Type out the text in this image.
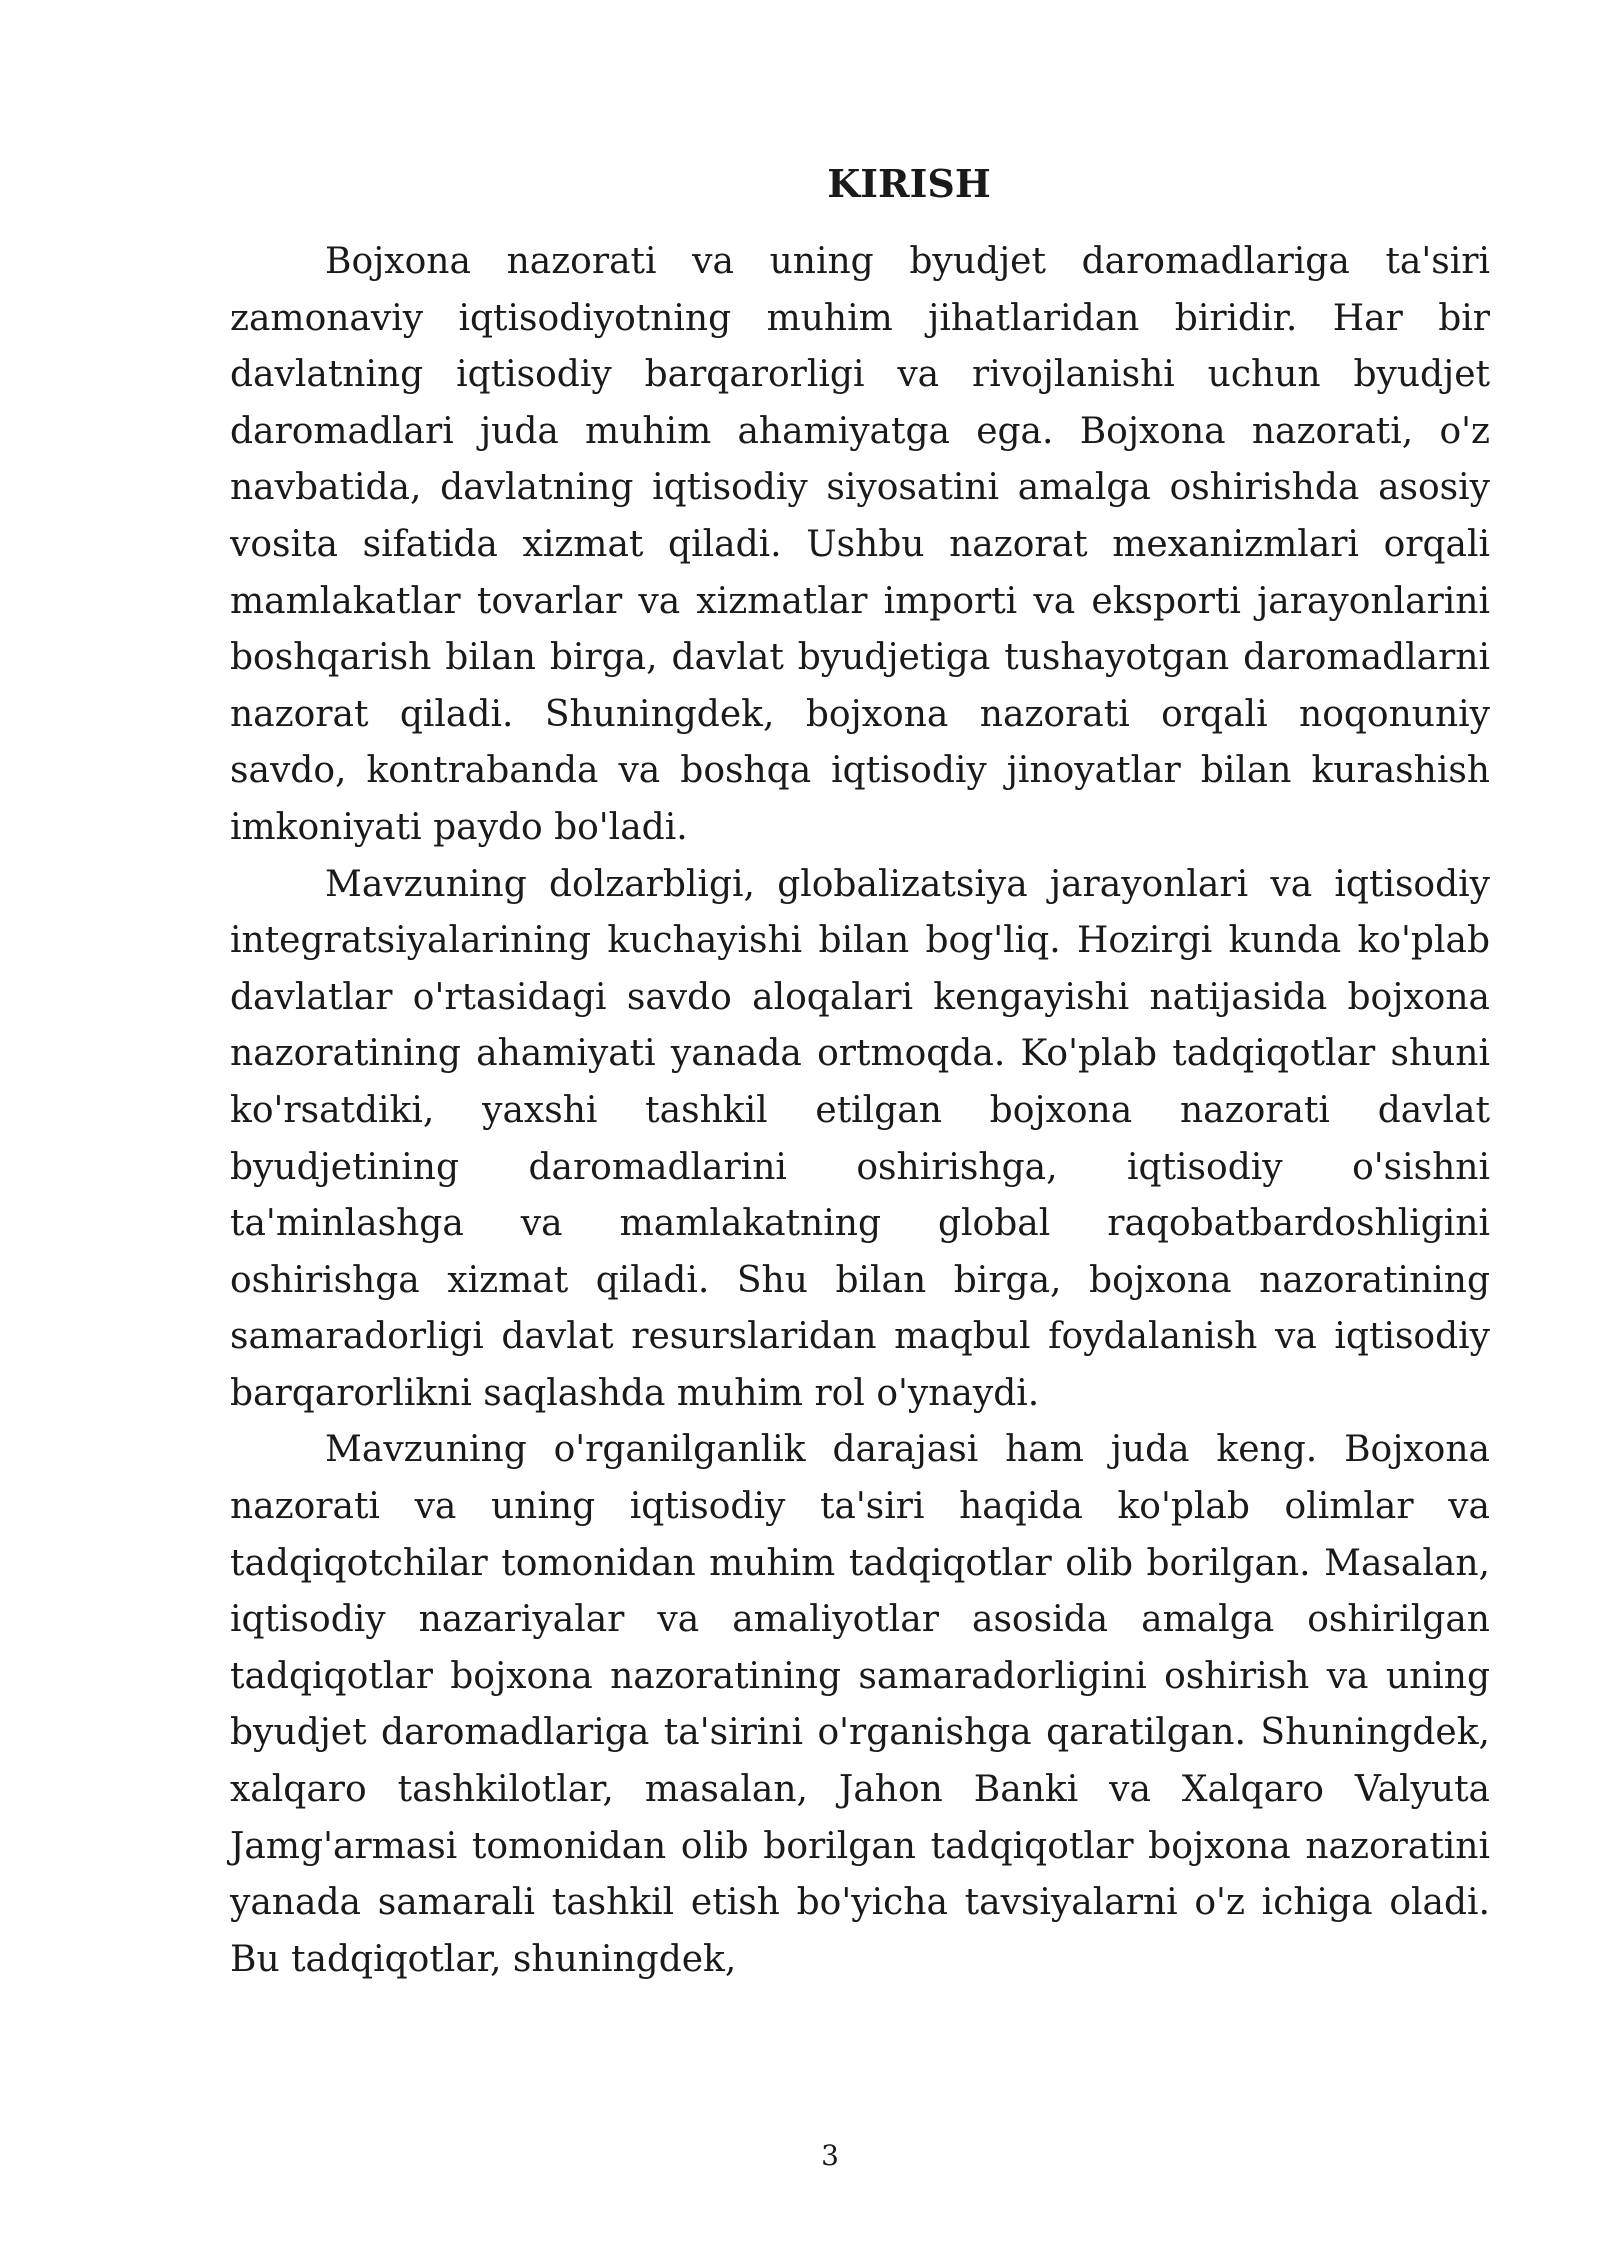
KIRISH

Bojxona nazorati va uning byudjet daromadlariga ta'siri zamonaviy iqtisodiyotning muhim jihatlaridan biridir. Har bir davlatning iqtisodiy barqarorligi va rivojlanishi uchun byudjet daromadlari juda muhim ahamiyatga ega. Bojxona nazorati, o'z navbatida, davlatning iqtisodiy siyosatini amalga oshirishda asosiy vosita sifatida xizmat qiladi. Ushbu nazorat mexanizmlari orqali mamlakatlar tovarlar va xizmatlar importi va eksporti jarayonlarini boshqarish bilan birga, davlat byudjetiga tushayotgan daromadlarni nazorat qiladi. Shuningdek, bojxona nazorati orqali noqonuniy savdo, kontrabanda va boshqa iqtisodiy jinoyatlar bilan kurashish imkoniyati paydo bo'ladi.

Mavzuning dolzarbligi, globalizatsiya jarayonlari va iqtisodiy integratsiyalarining kuchayishi bilan bog'liq. Hozirgi kunda ko'plab davlatlar o'rtasidagi savdo aloqalari kengayishi natijasida bojxona nazoratining ahamiyati yanada ortmoqda. Ko'plab tadqiqotlar shuni ko'rsatdiki, yaxshi tashkil etilgan bojxona nazorati davlat byudjetining daromadlarini oshirishga, iqtisodiy o'sishni ta'minlashga va mamlakatning global raqobatbardoshligini oshirishga xizmat qiladi. Shu bilan birga, bojxona nazoratining samaradorligi davlat resurslaridan maqbul foydalanish va iqtisodiy barqarorlikni saqlashda muhim rol o'ynaydi.

Mavzuning o'rganilganlik darajasi ham juda keng. Bojxona nazorati va uning iqtisodiy ta'siri haqida ko'plab olimlar va tadqiqotchilar tomonidan muhim tadqiqotlar olib borilgan. Masalan, iqtisodiy nazariyalar va amaliyotlar asosida amalga oshirilgan tadqiqotlar bojxona nazoratining samaradorligini oshirish va uning byudjet daromadlariga ta'sirini o'rganishga qaratilgan. Shuningdek, xalqaro tashkilotlar, masalan, Jahon Banki va Xalqaro Valyuta Jamg'armasi tomonidan olib borilgan tadqiqotlar bojxona nazoratini yanada samarali tashkil etish bo'yicha tavsiyalarni o'z ichiga oladi. Bu tadqiqotlar, shuningdek,

3
